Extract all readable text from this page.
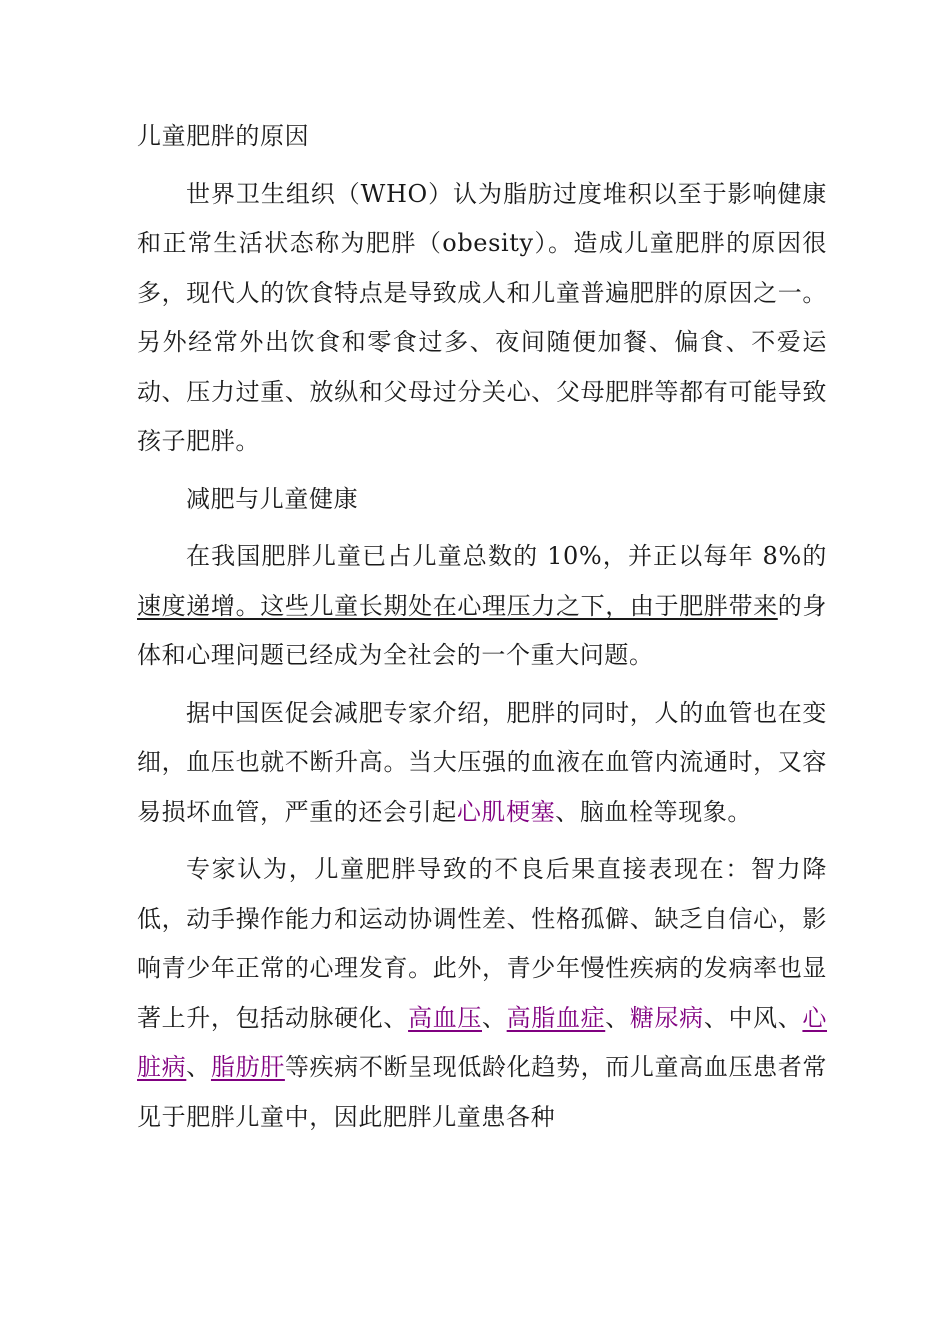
儿童肥胖的原因

世界卫生组织（WHO）认为脂肪过度堆积以至于影响健康和正常生活状态称为肥胖（obesity）。造成儿童肥胖的原因很多，现代人的饮食特点是导致成人和儿童普遍肥胖的原因之一。另外经常外出饮食和零食过多、夜间随便加餐、偏食、不爱运动、压力过重、放纵和父母过分关心、父母肥胖等都有可能导致孩子肥胖。

减肥与儿童健康

在我国肥胖儿童已占儿童总数的 10%，并正以每年 8%的速度递增。这些儿童长期处在心理压力之下，由于肥胖带来的身体和心理问题已经成为全社会的一个重大问题。

据中国医促会减肥专家介绍，肥胖的同时，人的血管也在变细，血压也就不断升高。当大压强的血液在血管内流通时，又容易损坏血管，严重的还会引起心肌梗塞、脑血栓等现象。

专家认为，儿童肥胖导致的不良后果直接表现在：智力降低，动手操作能力和运动协调性差、性格孤僻、缺乏自信心，影响青少年正常的心理发育。此外，青少年慢性疾病的发病率也显著上升，包括动脉硬化、高血压、高脂血症、糖尿病、中风、心脏病、脂肪肝等疾病不断呈现低龄化趋势，而儿童高血压患者常见于肥胖儿童中，因此肥胖儿童患各种
